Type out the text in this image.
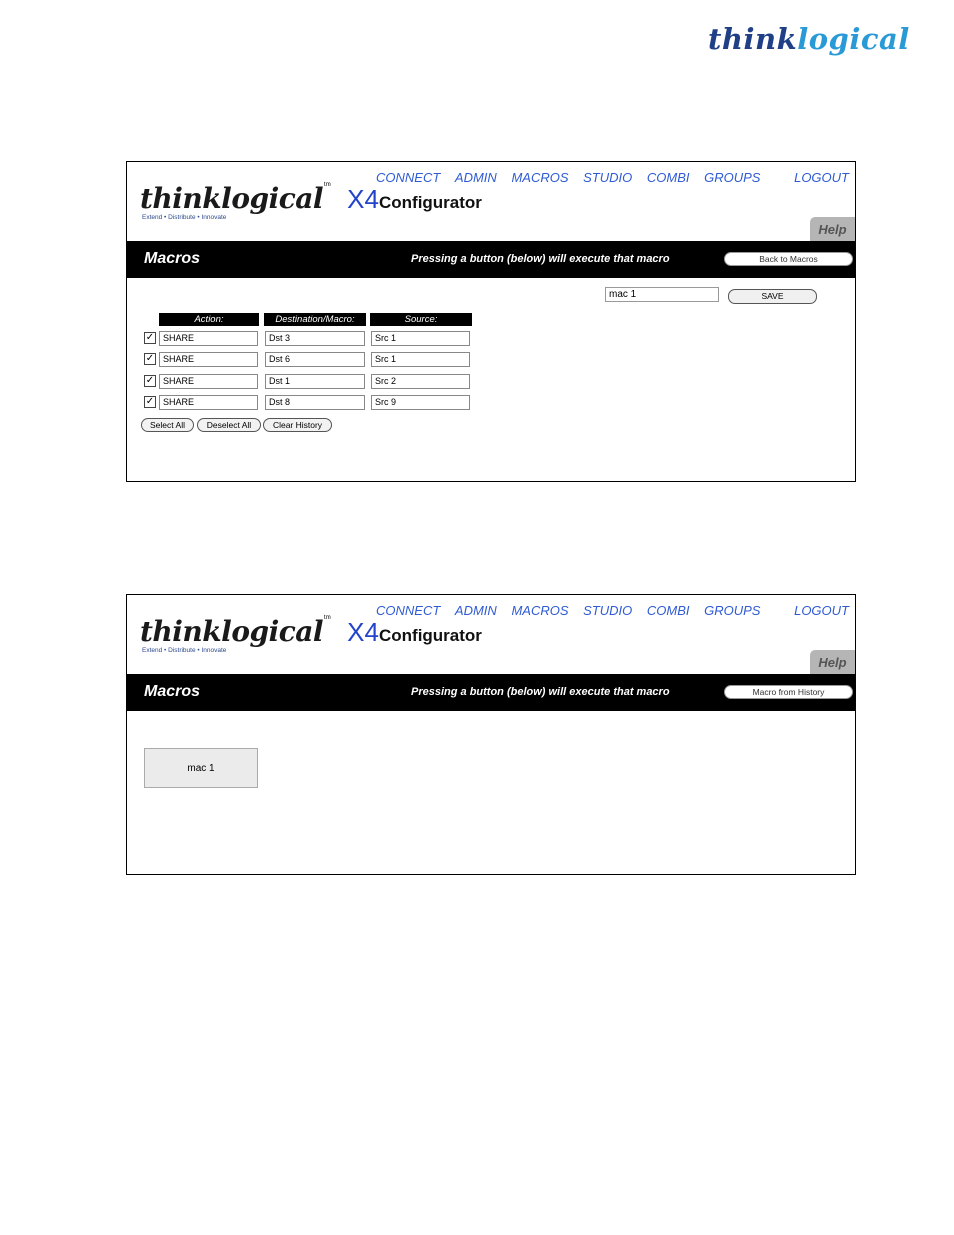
thinklogical
CONNECT ADMIN MACROS STUDIO COMBI GROUPS	LOGOUT
thinklogical$^{tm}$ X4Configurator
Extend • Distribute • Innovate
Help
Macros	Pressing a button (below) will execute that macro	Back to Macros
mac 1
SAVE
Action:	Destination/Macro:	Source:
✓ SHARE	Dst 3	Src 1
✓ SHARE	Dst 6	Src 1
✓ SHARE	Dst 1	Src 2
✓ SHARE	Dst 8	Src 9
Select All	Deselect All	Clear History
CONNECT ADMIN MACROS STUDIO COMBI GROUPS	LOGOUT
thinklogical$^{tm}$ X4Configurator
Extend • Distribute • Innovate
Help
Macros	Pressing a button (below) will execute that macro	Macro from History
mac 1
